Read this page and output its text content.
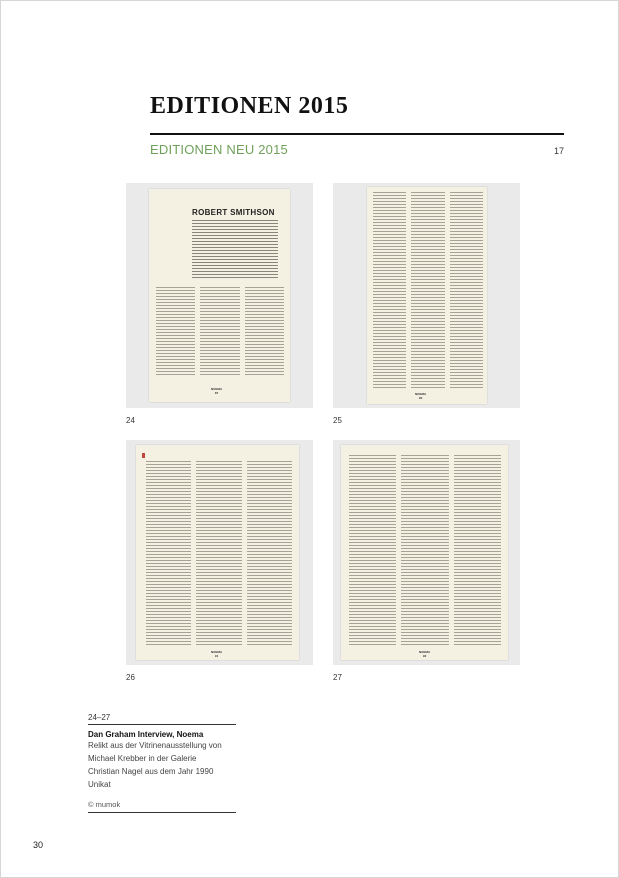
EDITIONEN 2015
EDITIONEN NEU 2015	17
ROBERT SMITHSON
NOEMA
87
24
NOEMA
90
25
NOEMA
91
26
NOEMA
92
27
24–27
Dan Graham Interview, Noema
Relikt aus der Vitrinenausstellung von
Michael Krebber in der Galerie
Christian Nagel aus dem Jahr 1990
Unikat
© mumok
30
